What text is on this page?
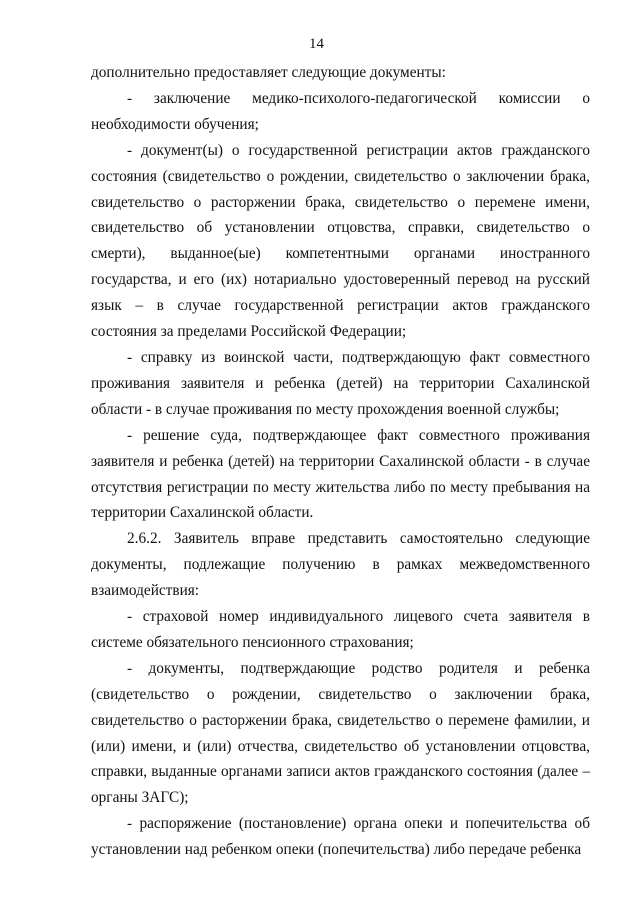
14

дополнительно предоставляет следующие документы:

- заключение медико-психолого-педагогической комиссии о необходимости обучения;

- документ(ы) о государственной регистрации актов гражданского состояния (свидетельство о рождении, свидетельство о заключении брака, свидетельство о расторжении брака, свидетельство о перемене имени, свидетельство об установлении отцовства, справки, свидетельство о смерти), выданное(ые) компетентными органами иностранного государства, и его (их) нотариально удостоверенный перевод на русский язык – в случае государственной регистрации актов гражданского состояния за пределами Российской Федерации;

- справку из воинской части, подтверждающую факт совместного проживания заявителя и ребенка (детей) на территории Сахалинской области - в случае проживания по месту прохождения военной службы;

- решение суда, подтверждающее факт совместного проживания заявителя и ребенка (детей) на территории Сахалинской области - в случае отсутствия регистрации по месту жительства либо по месту пребывания на территории Сахалинской области.

2.6.2. Заявитель вправе представить самостоятельно следующие документы, подлежащие получению в рамках межведомственного взаимодействия:

- страховой номер индивидуального лицевого счета заявителя в системе обязательного пенсионного страхования;

- документы, подтверждающие родство родителя и ребенка (свидетельство о рождении, свидетельство о заключении брака, свидетельство о расторжении брака, свидетельство о перемене фамилии, и (или) имени, и (или) отчества, свидетельство об установлении отцовства, справки, выданные органами записи актов гражданского состояния (далее – органы ЗАГС);

- распоряжение (постановление) органа опеки и попечительства об установлении над ребенком опеки (попечительства) либо передаче ребенка
